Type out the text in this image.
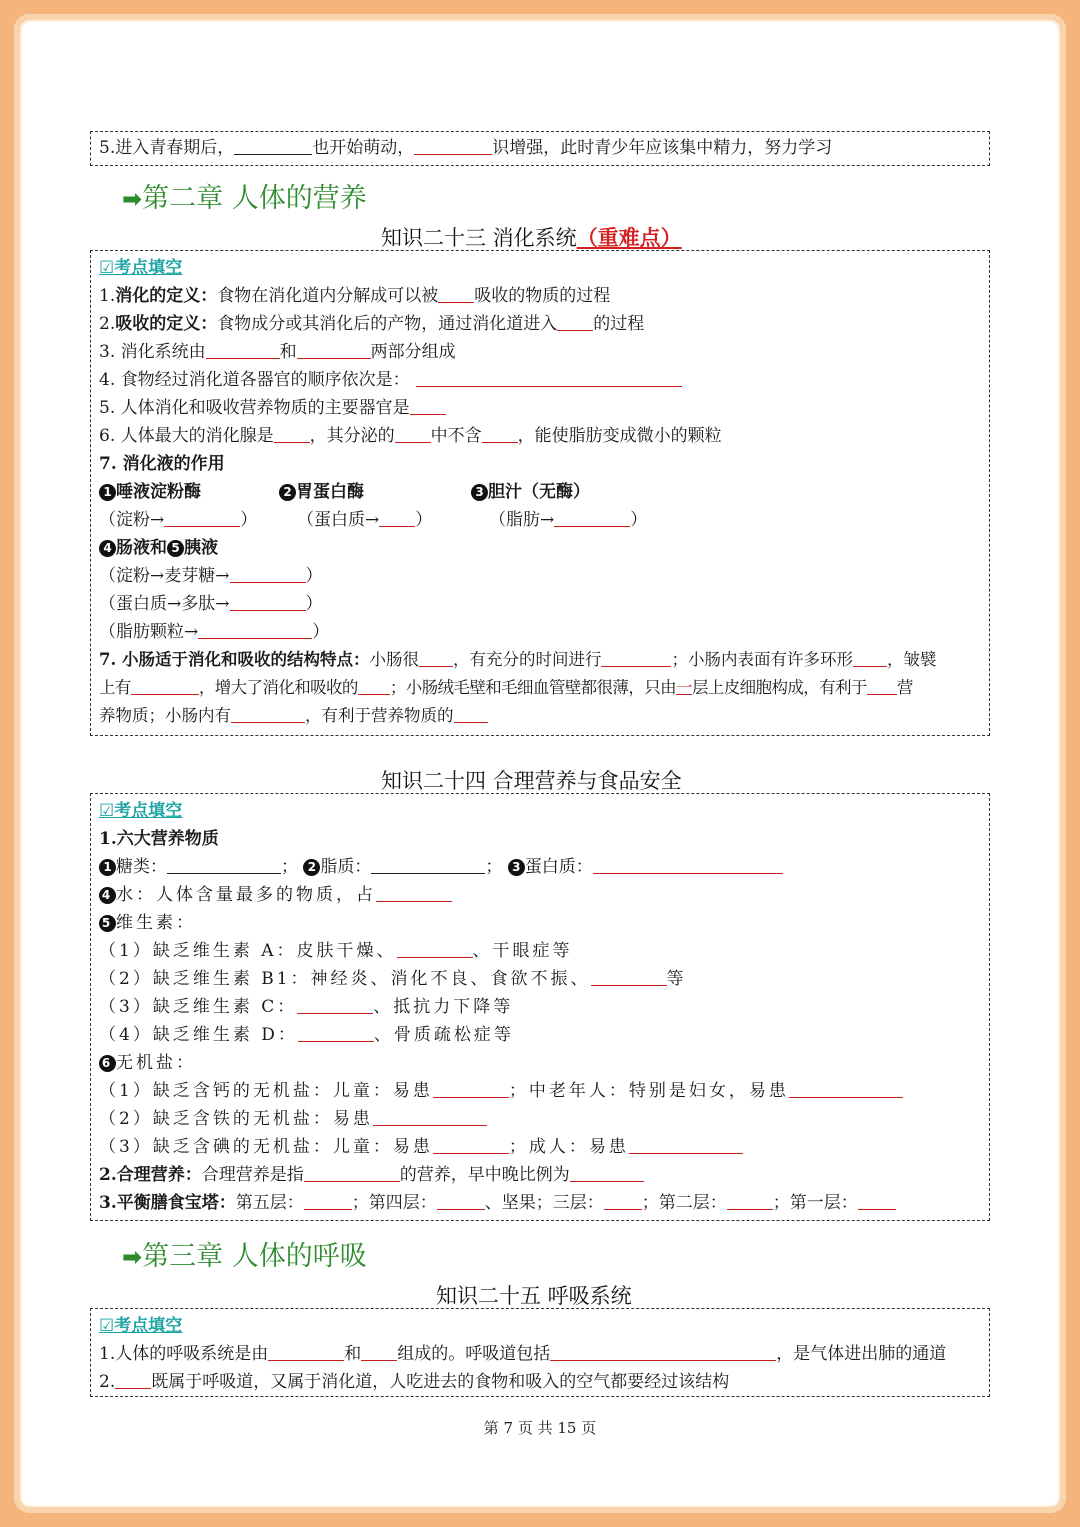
5.进入青春期后，	也开始萌动，	识增强，此时青少年应该集中精力，努力学习
➡第二章 人体的营养
知识二十三 消化系统（重难点）
☑考点填空
1.消化的定义：食物在消化道内分解成可以被 吸收的物质的过程
2.吸收的定义：食物成分或其消化后的产物，通过消化道进入 的过程
3. 消化系统由	和	两部分组成
4. 食物经过消化道各器官的顺序依次是：
5. 人体消化和吸收营养物质的主要器官是
6. 人体最大的消化腺是 ，其分泌的 中不含 ，能使脂肪变成微小的颗粒
7. 消化液的作用
1 唾液淀粉酶	2 胃蛋白酶	3 胆汁（无酶）
（淀粉→	）	（蛋白质→ ）	（脂肪→	）
4 肠液和 5 胰液
（淀粉→麦芽糖→	）
（蛋白质→多肽→	）
（脂肪颗粒→	）
7. 小肠适于消化和吸收的结构特点：小肠很 ，有充分的时间进行	；小肠内表面有许多环形 ，皱襞
上有	，增大了消化和吸收的 ；小肠绒毛壁和毛细血管壁都很薄，只由一层上皮细胞构成，有利于 营
养物质；小肠内有	，有利于营养物质的
知识二十四 合理营养与食品安全
☑考点填空
1.六大营养物质
1 糖类：	； 2 脂质：	； 3 蛋白质：
4 水：人体含量最多的物质，占
5 维生素：
（1）缺乏维生素 A：皮肤干燥、	、干眼症等
（2）缺乏维生素 B1：神经炎、消化不良、食欲不振、	等
（3）缺乏维生素 C：	、抵抗力下降等
（4）缺乏维生素 D：	、骨质疏松症等
6 无机盐：
（1）缺乏含钙的无机盐：儿童：易患	；中老年人：特别是妇女，易患
（2）缺乏含铁的无机盐：易患
（3）缺乏含碘的无机盐：儿童：易患	；成人：易患
2.合理营养：合理营养是指	的营养，早中晚比例为
3.平衡膳食宝塔：第五层：	；第四层：	、坚果；三层： ；第二层：	；第一层：
➡第三章 人体的呼吸
知识二十五 呼吸系统
☑考点填空
1.人体的呼吸系统是由	和 组成的。呼吸道包括	，是气体进出肺的通道
2. 既属于呼吸道，又属于消化道，人吃进去的食物和吸入的空气都要经过该结构
第 7 页 共 15 页
